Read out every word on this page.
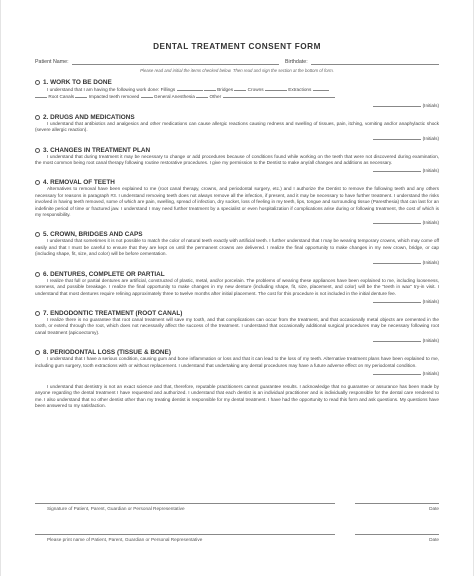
DENTAL TREATMENT CONSENT FORM
Patient Name:	Birthdate:
Please read and initial the items checked below. Then read and sign the section at the bottom of form.
1. WORK TO BE DONE
I understand that I am having the following work done: Fillings	Bridges	Crowns	Extractions
Root Canals	Impacted teeth removed	General Anesthesia	Other
(Initials)
2. DRUGS AND MEDICATIONS
I understand that antibiotics and analgesics and other medications can cause allergic reactions causing redness and swelling of tissues, pain, itching, vomiting and/or anaphylactic shock (severe allergic reaction).
(Initials)
3. CHANGES IN TREATMENT PLAN
I understand that during treatment it may be necessary to change or add procedures because of conditions found while working on the teeth that were not discovered during examination, the most common being root canal therapy following routine restorative procedures. I give my permission to the Dentist to make any/all changes and additions as necessary.
(Initials)
4. REMOVAL OF TEETH
Alternatives to removal have been explained to me (root canal therapy, crowns, and periodontal surgery, etc.) and I authorize the Dentist to remove the following teeth and any others necessary for reasons in paragraph #3. I understand removing teeth does not always remove all the infection, if present, and it may be necessary to have further treatment. I understand the risks involved in having teeth removed, some of which are pain, swelling, spread of infection, dry socket, loss of feeling in my teeth, lips, tongue and surrounding tissue (Paresthesia) that can last for an indefinite period of time or fractured jaw. I understand I may need further treatment by a specialist or even hospitalization if complications arise during or following treatment, the cost of which is my responsibility.
(Initials)
5. CROWN, BRIDGES AND CAPS
I understand that sometimes it is not possible to match the color of natural teeth exactly with artificial teeth. I further understand that I may be wearing temporary crowns, which may come off easily and that I must be careful to ensure that they are kept on until the permanent crowns are delivered. I realize the final opportunity to make changes in my new crown, bridge, or cap (including shape, fit, size, and color) will be before cementation.
(Initials)
6. DENTURES, COMPLETE OR PARTIAL
I realize that full or partial dentures are artificial, constructed of plastic, metal, and/or porcelain. The problems of wearing these appliances have been explained to me, including looseness, soreness, and possible breakage. I realize the final opportunity to make changes in my new denture (including shape, fit, size, placement, and color) will be the "teeth in wax" try-in visit. I understand that most dentures require relining approximately three to twelve months after initial placement. The cost for this procedure is not included in the initial denture fee.
(Initials)
7. ENDODONTIC TREATMENT (ROOT CANAL)
I realize there is no guarantee that root canal treatment will save my tooth, and that complications can occur from the treatment, and that occasionally metal objects are cemented in the tooth, or extend through the root, which does not necessarily affect the success of the treatment. I understand that occasionally additional surgical procedures may be necessary following root canal treatment (apicoectomy).
(Initials)
8. PERIODONTAL LOSS (TISSUE & BONE)
I understand that I have a serious condition, causing gum and bone inflammation or loss and that it can lead to the loss of my teeth. Alternative treatment plans have been explained to me, including gum surgery, tooth extractions with or without replacement. I understand that undertaking any dental procedures may have a future adverse effect on my periodontal condition.
(Initials)
I understand that dentistry is not an exact science and that, therefore, reputable practitioners cannot guarantee results. I acknowledge that no guarantee or assurance has been made by anyone regarding the dental treatment I have requested and authorized. I understand that each dentist is an individual practitioner and is individually responsible for the dental care rendered to me. I also understand that no other dentist other than my treating dentist is responsible for my dental treatment. I have had the opportunity to read this form and ask questions. My questions have been answered to my satisfaction.
Signature of Patient, Parent, Guardian or Personal Representative	Date
Please print name of Patient, Parent, Guardian or Personal Representative	Date
